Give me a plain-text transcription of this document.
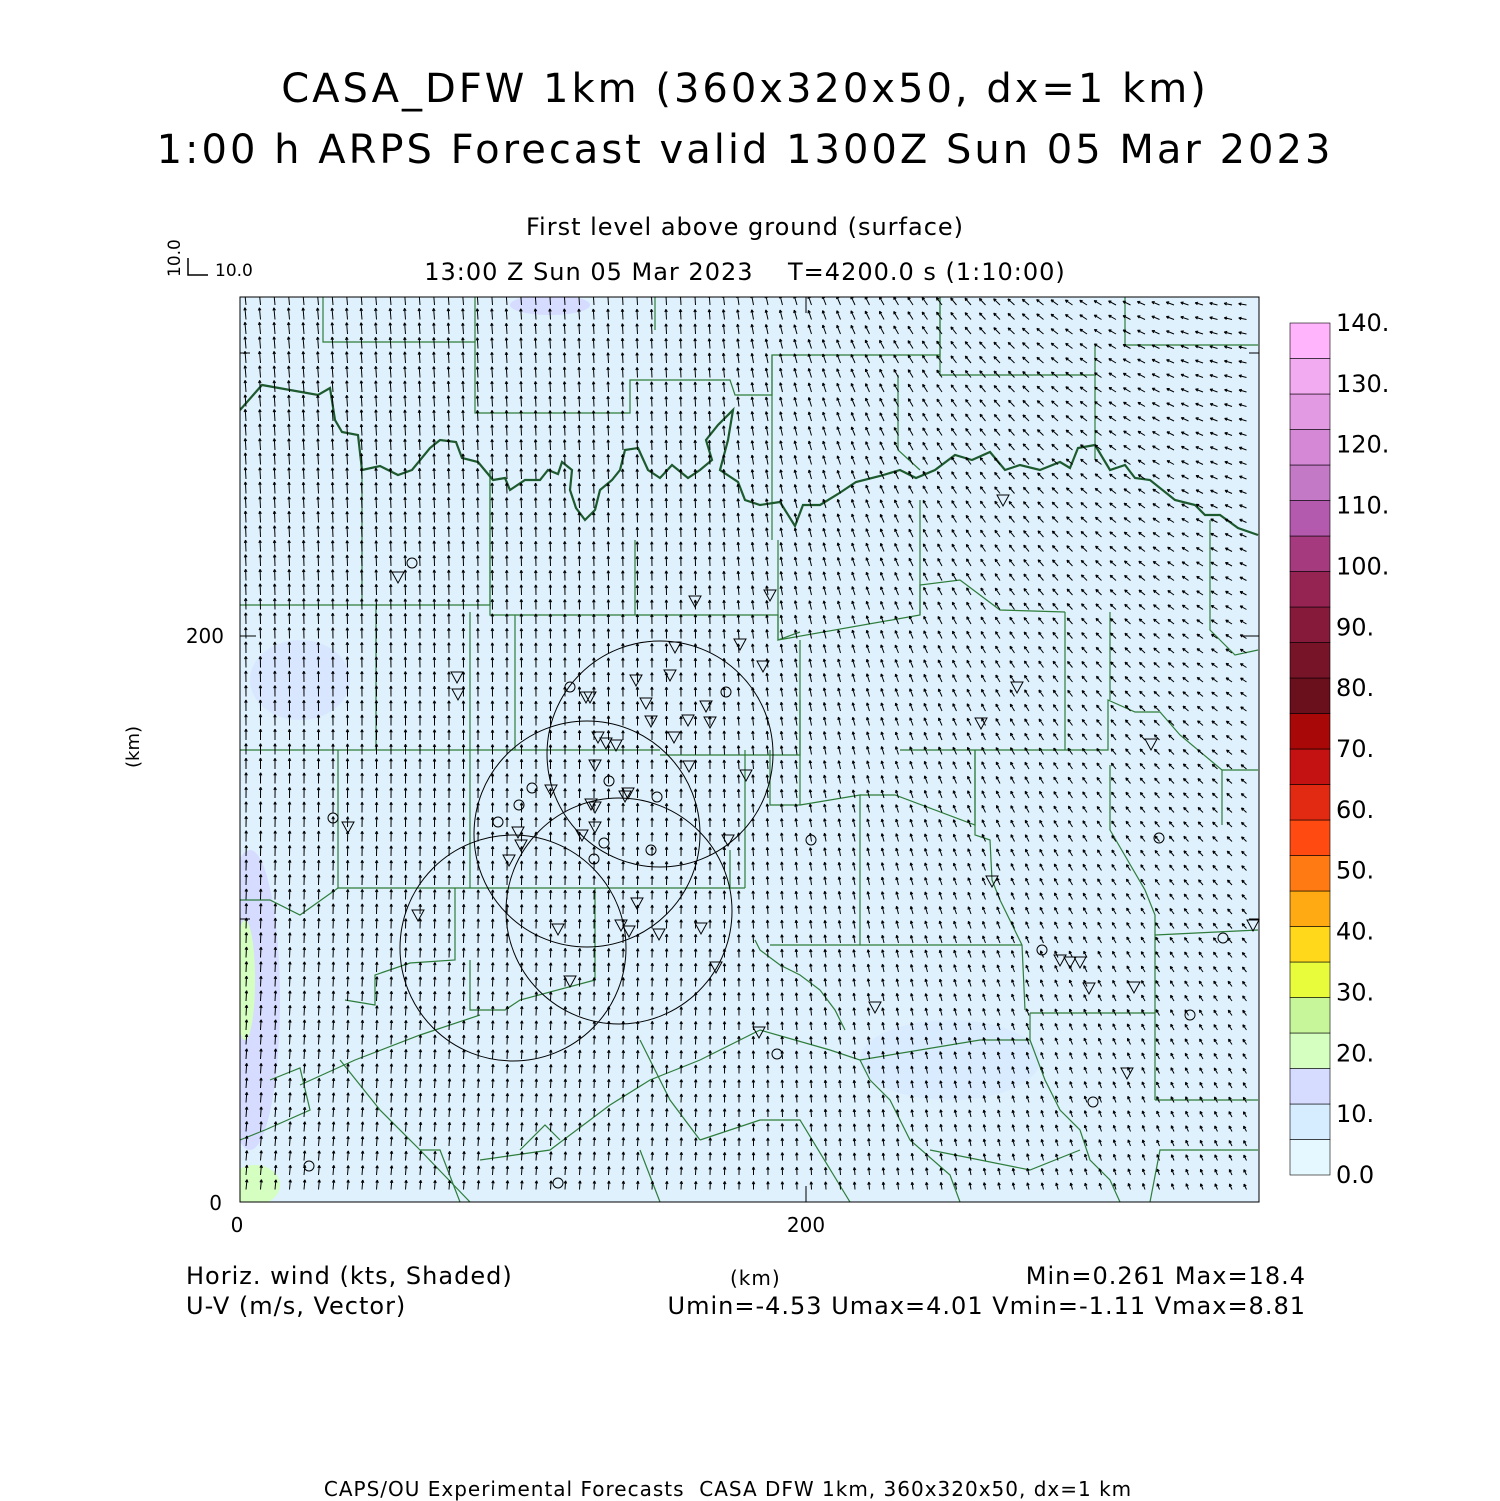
CASA_DFW 1km (360x320x50, dx=1 km)
1:00 h ARPS Forecast valid 1300Z Sun 05 Mar 2023
First level above ground (surface)
13:00 Z Sun 05 Mar 2023    T=4200.0 s (1:10:00)
0	200
0
200
(km)
10.0
10.0
0.0
10.
20.
30.
40.
50.
60.
70.
80.
90.
100.
110.
120.
130.
140.
Horiz. wind (kts, Shaded)
U-V (m/s, Vector)
(km)	Min=0.261 Max=18.4
Umin=-4.53 Umax=4.01 Vmin=-1.11 Vmax=8.81
CAPS/OU Experimental Forecasts  CASA DFW 1km, 360x320x50, dx=1 km
